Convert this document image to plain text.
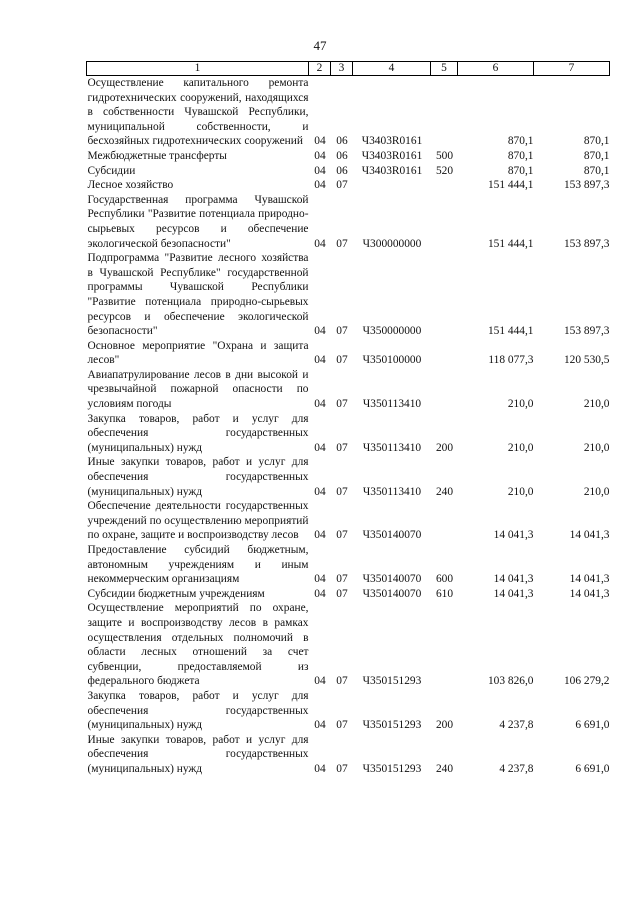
47
1	2	3	4	5	6	7
Осуществление капитального ремонта гидротехнических сооружений, находящихся в собственности Чувашской Республики, муниципальной собственности, и бесхозяйных гидротехнических сооружений	04	06	Ч3403R0161		870,1	870,1
Межбюджетные трансферты	04	06	Ч3403R0161	500	870,1	870,1
Субсидии	04	06	Ч3403R0161	520	870,1	870,1
Лесное хозяйство	04	07			151 444,1	153 897,3
Государственная программа Чувашской Республики "Развитие потенциала природно-сырьевых ресурсов и обеспечение экологической безопасности"	04	07	Ч300000000		151 444,1	153 897,3
Подпрограмма "Развитие лесного хозяйства в Чувашской Республике" государственной программы Чувашской Республики "Развитие потенциала природно-сырьевых ресурсов и обеспечение экологической безопасности"	04	07	Ч350000000		151 444,1	153 897,3
Основное мероприятие "Охрана и защита лесов"	04	07	Ч350100000		118 077,3	120 530,5
Авиапатрулирование лесов в дни высокой и чрезвычайной пожарной опасности по условиям погоды	04	07	Ч350113410		210,0	210,0
Закупка товаров, работ и услуг для обеспечения государственных (муниципальных) нужд	04	07	Ч350113410	200	210,0	210,0
Иные закупки товаров, работ и услуг для обеспечения государственных (муниципальных) нужд	04	07	Ч350113410	240	210,0	210,0
Обеспечение деятельности государственных учреждений по осуществлению мероприятий по охране, защите и воспроизводству лесов	04	07	Ч350140070		14 041,3	14 041,3
Предоставление субсидий бюджетным, автономным учреждениям и иным некоммерческим организациям	04	07	Ч350140070	600	14 041,3	14 041,3
Субсидии бюджетным учреждениям	04	07	Ч350140070	610	14 041,3	14 041,3
Осуществление мероприятий по охране, защите и воспроизводству лесов в рамках осуществления отдельных полномочий в области лесных отношений за счет субвенции, предоставляемой из федерального бюджета	04	07	Ч350151293		103 826,0	106 279,2
Закупка товаров, работ и услуг для обеспечения государственных (муниципальных) нужд	04	07	Ч350151293	200	4 237,8	6 691,0
Иные закупки товаров, работ и услуг для обеспечения государственных (муниципальных) нужд	04	07	Ч350151293	240	4 237,8	6 691,0
